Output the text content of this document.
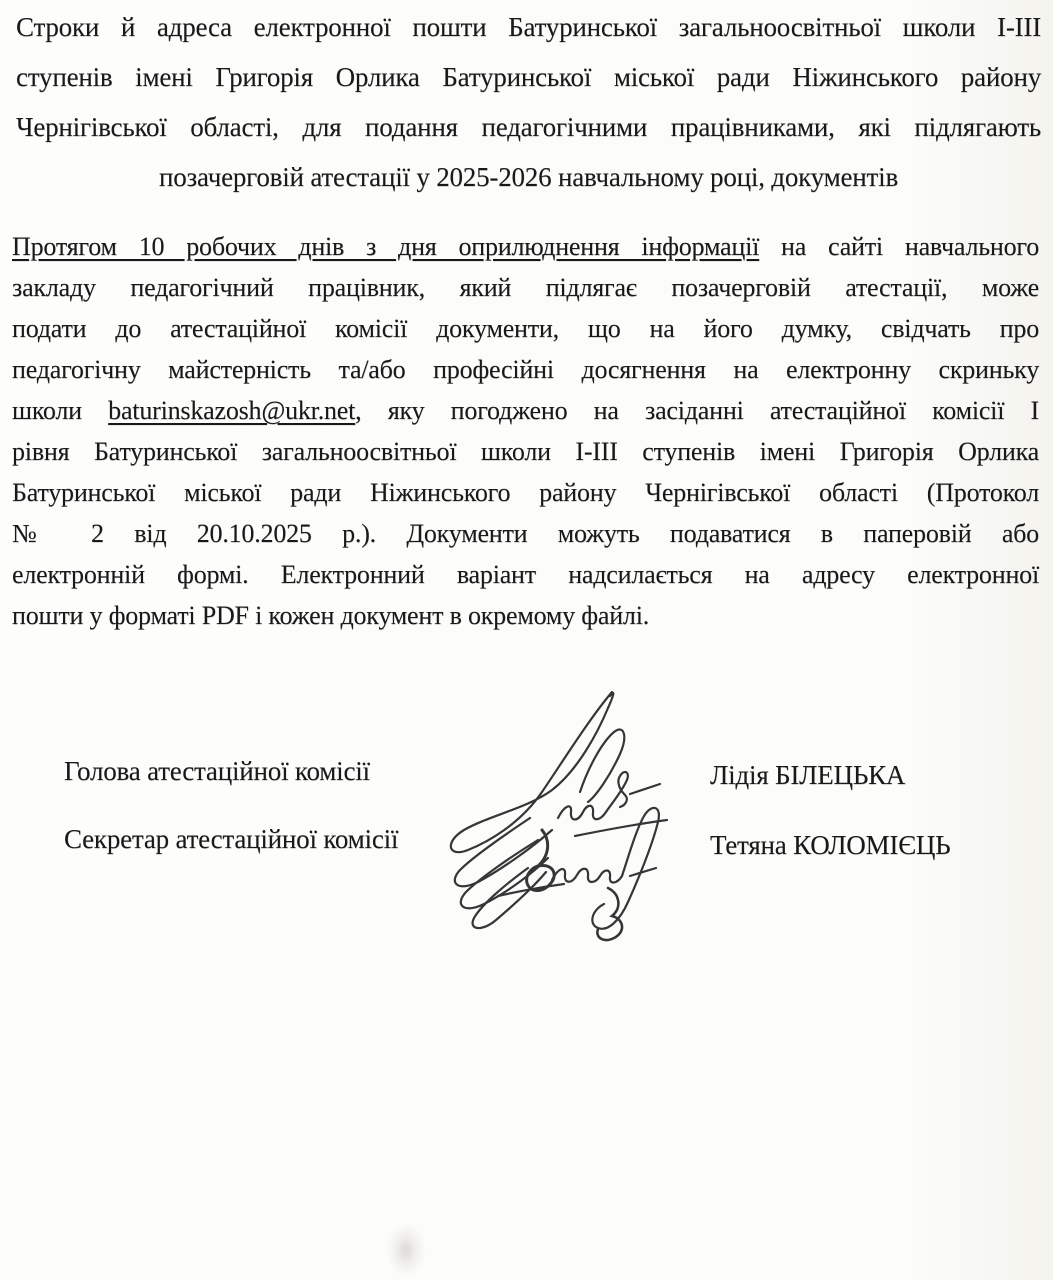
Строки й адреса електронної пошти Батуринської загальноосвітньої школи І-ІІІ
ступенів імені Григорія Орлика Батуринської міської ради Ніжинського району
Чернігівської області, для подання педагогічними працівниками, які підлягають
позачерговій атестації у 2025-2026 навчальному році, документів
Протягом 10 робочих днів з дня оприлюднення інформації на сайті навчального
закладу педагогічний працівник, який підлягає позачерговій атестації, може
подати до атестаційної комісії документи, що на його думку, свідчать про
педагогічну майстерність та/або професійні досягнення на електронну скриньку
школи baturinskazosh@ukr.net, яку погоджено на засіданні атестаційної комісії І
рівня Батуринської загальноосвітньої школи І-ІІІ ступенів імені Григорія Орлика
Батуринської міської ради Ніжинського району Чернігівської області (Протокол
№ 2 від 20.10.2025 р.). Документи можуть подаватися в паперовій або
електронній формі. Електронний варіант надсилається на адресу електронної
пошти у форматі PDF і кожен документ в окремому файлі.
Голова атестаційної комісії	Лідія БІЛЕЦЬКА
Секретар атестаційної комісії	Тетяна КОЛОМІЄЦЬ
